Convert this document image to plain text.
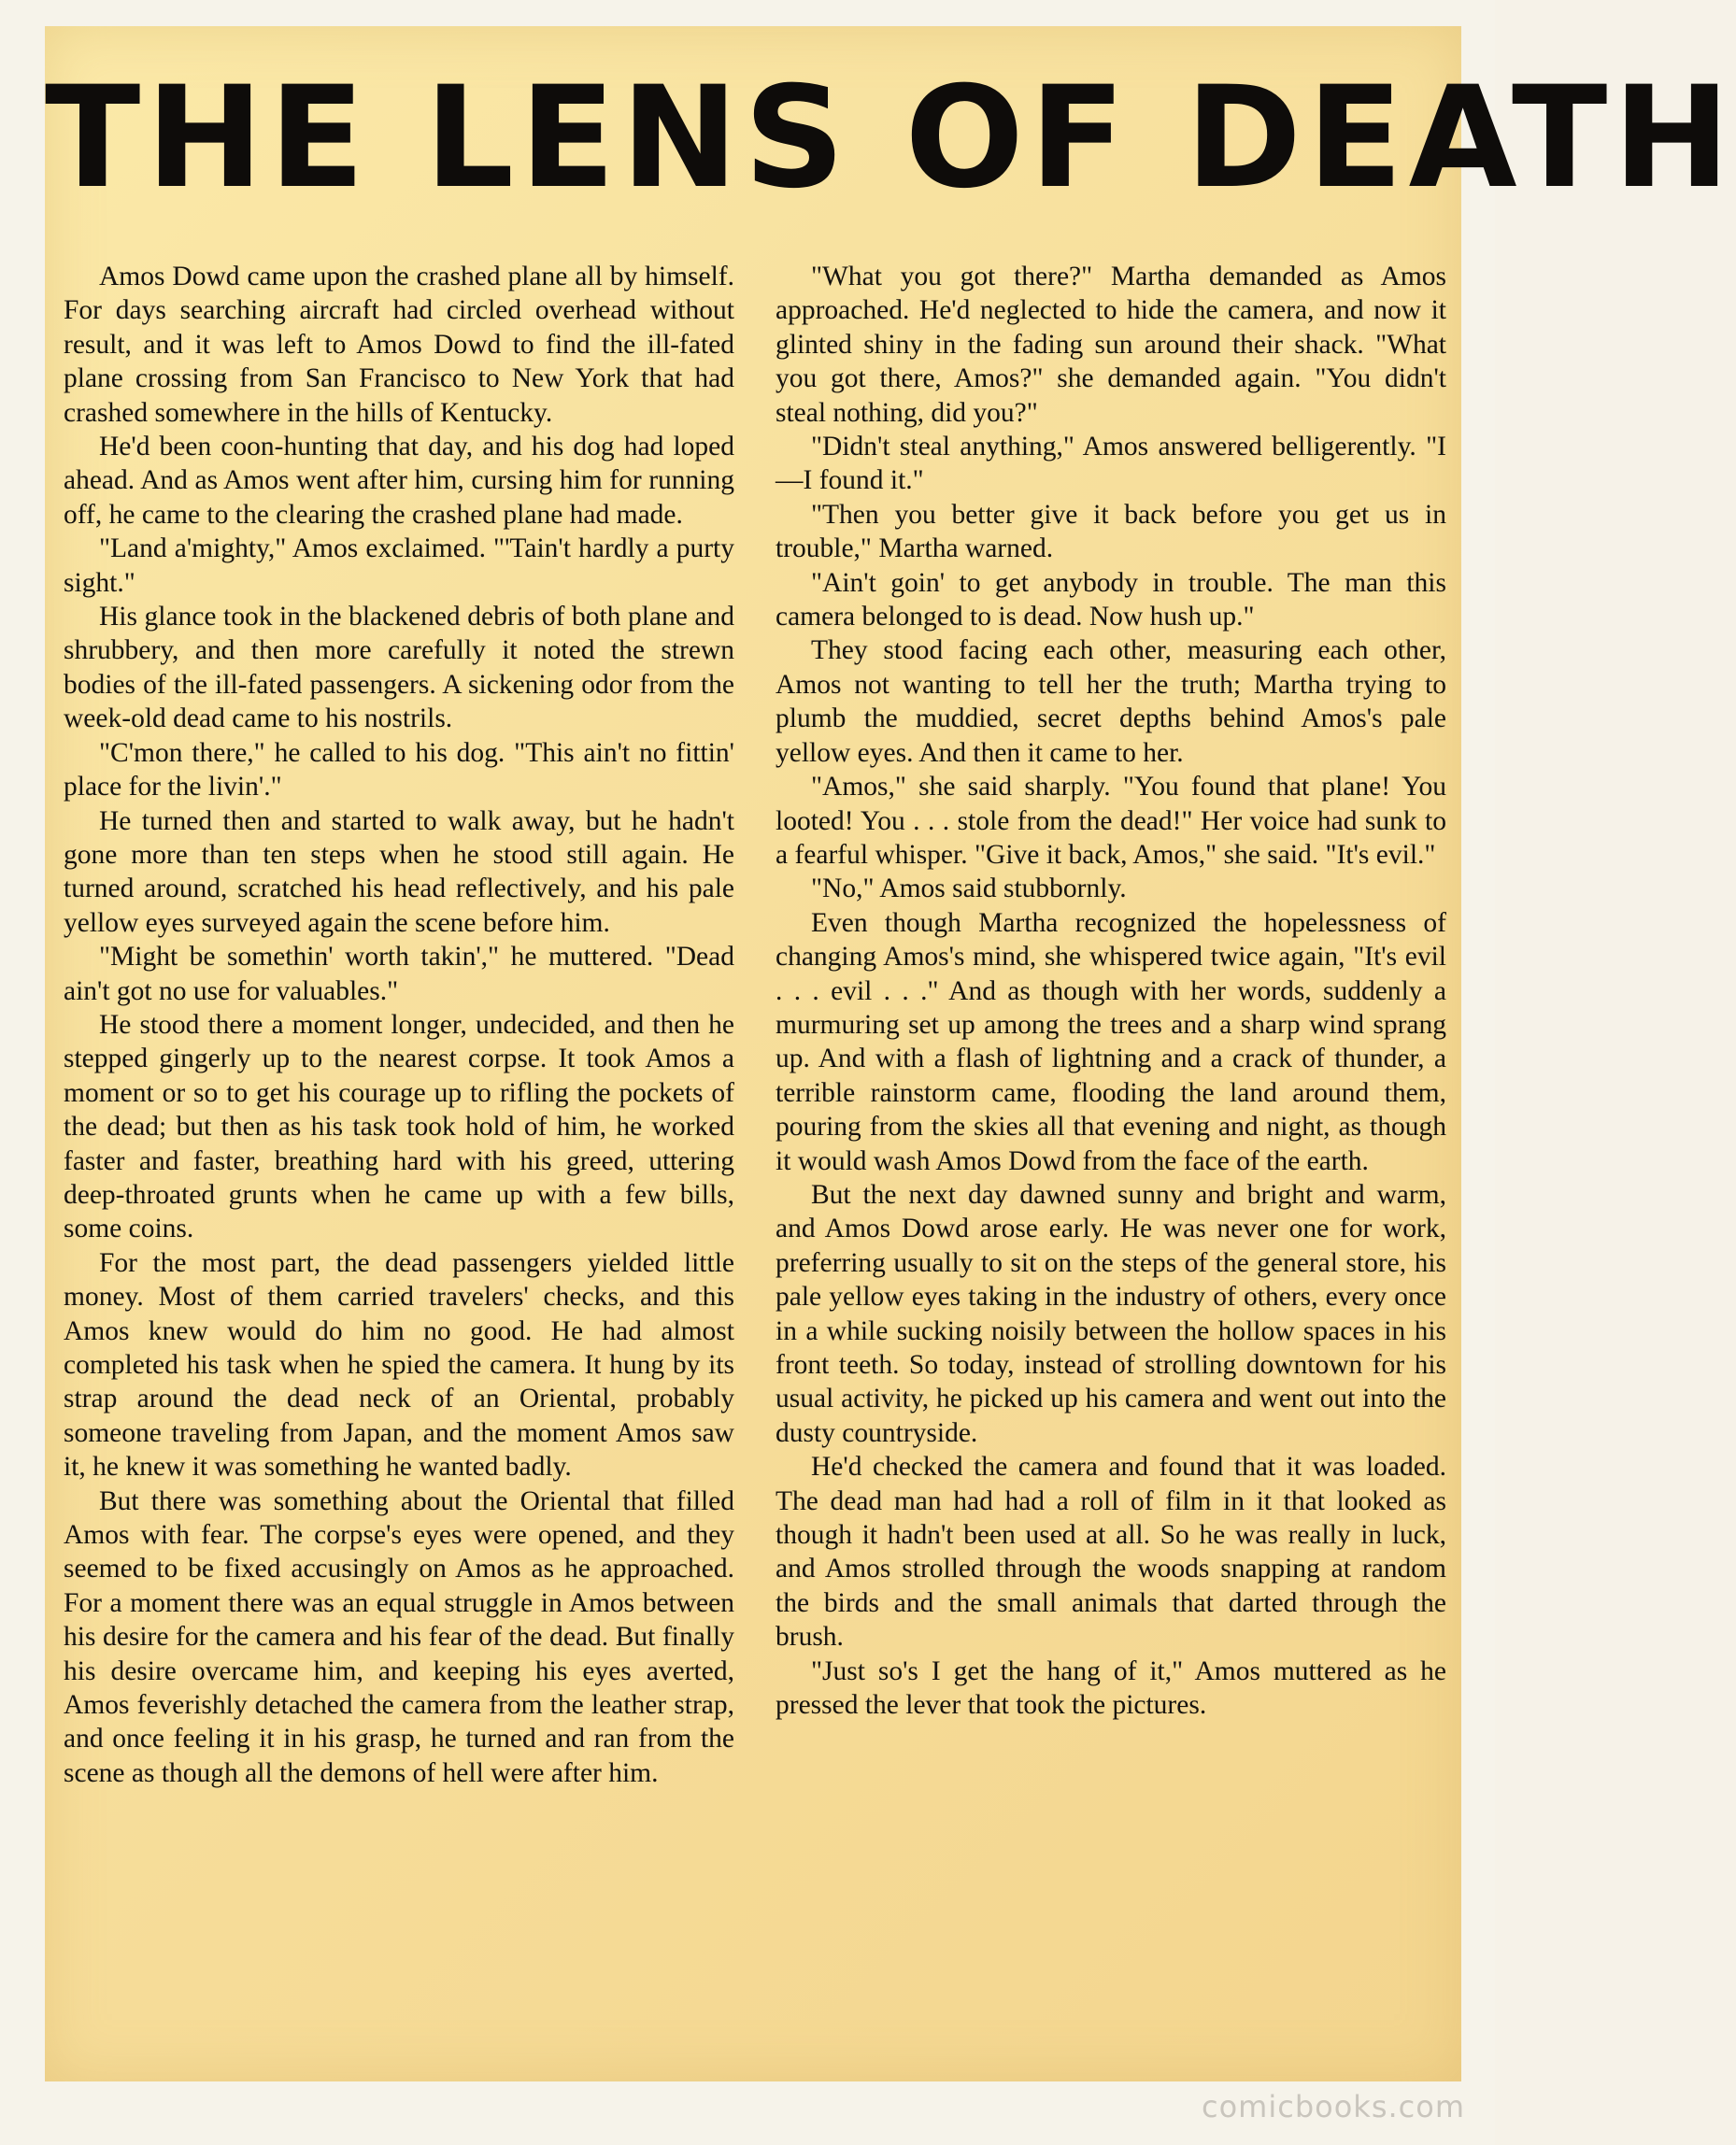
THE LENS OF DEATH

Amos Dowd came upon the crashed plane all by himself. For days searching aircraft had circled overhead without result, and it was left to Amos Dowd to find the ill-fated plane crossing from San Francisco to New York that had crashed somewhere in the hills of Kentucky.

He'd been coon-hunting that day, and his dog had loped ahead. And as Amos went after him, cursing him for running off, he came to the clearing the crashed plane had made.

"Land a'mighty," Amos exclaimed. "'Tain't hardly a purty sight."

His glance took in the blackened debris of both plane and shrubbery, and then more carefully it noted the strewn bodies of the ill-fated passengers. A sickening odor from the week-old dead came to his nostrils.

"C'mon there," he called to his dog. "This ain't no fittin' place for the livin'."

He turned then and started to walk away, but he hadn't gone more than ten steps when he stood still again. He turned around, scratched his head reflectively, and his pale yellow eyes surveyed again the scene before him.

"Might be somethin' worth takin'," he muttered. "Dead ain't got no use for valuables."

He stood there a moment longer, undecided, and then he stepped gingerly up to the nearest corpse. It took Amos a moment or so to get his courage up to rifling the pockets of the dead; but then as his task took hold of him, he worked faster and faster, breathing hard with his greed, uttering deep-throated grunts when he came up with a few bills, some coins.

For the most part, the dead passengers yielded little money. Most of them carried travelers' checks, and this Amos knew would do him no good. He had almost completed his task when he spied the camera. It hung by its strap around the dead neck of an Oriental, probably someone traveling from Japan, and the moment Amos saw it, he knew it was something he wanted badly.

But there was something about the Oriental that filled Amos with fear. The corpse's eyes were opened, and they seemed to be fixed accusingly on Amos as he approached. For a moment there was an equal struggle in Amos between his desire for the camera and his fear of the dead. But finally his desire overcame him, and keeping his eyes averted, Amos feverishly detached the camera from the leather strap, and once feeling it in his grasp, he turned and ran from the scene as though all the demons of hell were after him.

"What you got there?" Martha demanded as Amos approached. He'd neglected to hide the camera, and now it glinted shiny in the fading sun around their shack. "What you got there, Amos?" she demanded again. "You didn't steal nothing, did you?"

"Didn't steal anything," Amos answered belligerently. "I—I found it."

"Then you better give it back before you get us in trouble," Martha warned.

"Ain't goin' to get anybody in trouble. The man this camera belonged to is dead. Now hush up."

They stood facing each other, measuring each other, Amos not wanting to tell her the truth; Martha trying to plumb the muddied, secret depths behind Amos's pale yellow eyes. And then it came to her.

"Amos," she said sharply. "You found that plane! You looted! You . . . stole from the dead!" Her voice had sunk to a fearful whisper. "Give it back, Amos," she said. "It's evil."

"No," Amos said stubbornly.

Even though Martha recognized the hopelessness of changing Amos's mind, she whispered twice again, "It's evil . . . evil . . ." And as though with her words, suddenly a murmuring set up among the trees and a sharp wind sprang up. And with a flash of lightning and a crack of thunder, a terrible rainstorm came, flooding the land around them, pouring from the skies all that evening and night, as though it would wash Amos Dowd from the face of the earth.

But the next day dawned sunny and bright and warm, and Amos Dowd arose early. He was never one for work, preferring usually to sit on the steps of the general store, his pale yellow eyes taking in the industry of others, every once in a while sucking noisily between the hollow spaces in his front teeth. So today, instead of strolling downtown for his usual activity, he picked up his camera and went out into the dusty countryside.

He'd checked the camera and found that it was loaded. The dead man had had a roll of film in it that looked as though it hadn't been used at all. So he was really in luck, and Amos strolled through the woods snapping at random the birds and the small animals that darted through the brush.

"Just so's I get the hang of it," Amos muttered as he pressed the lever that took the pictures.

comicbooks.com
